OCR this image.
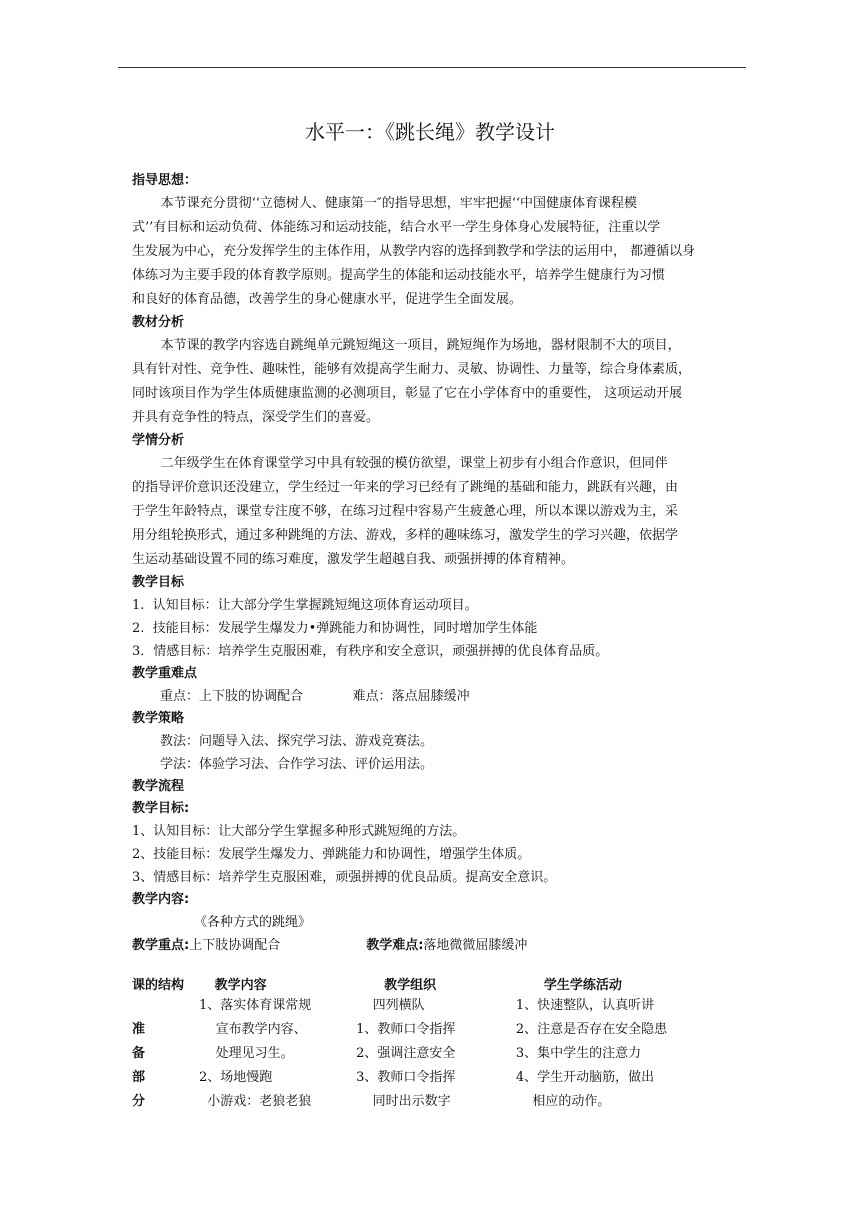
水平一：《跳长绳》教学设计
指导思想：
本节课充分贯彻‘‘立德树人、健康第一″的指导思想，牢牢把握‘‘中国健康体育课程模
式’’有目标和运动负荷、体能练习和运动技能，结合水平一学生身体身心发展特征，注重以学
生发展为中心，充分发挥学生的主体作用，从教学内容的选择到教学和学法的运用中， 都遵循以身
体练习为主要手段的体育教学原则。提高学生的体能和运动技能水平，培养学生健康行为习惯
和良好的体育品德，改善学生的身心健康水平，促进学生全面发展。
教材分析
本节课的教学内容选自跳绳单元跳短绳这一项目，跳短绳作为场地，器材限制不大的项目，
具有针对性、竞争性、趣味性，能够有效提高学生耐力、灵敏、协调性、力量等，综合身体素质，
同时该项目作为学生体质健康监测的必测项目，彰显了它在小学体育中的重要性， 这项运动开展
并具有竞争性的特点，深受学生们的喜爱。
学情分析
二年级学生在体育课堂学习中具有较强的模仿欲望，课堂上初步有小组合作意识，但同伴
的指导评价意识还没建立，学生经过一年来的学习已经有了跳绳的基础和能力，跳跃有兴趣，由
于学生年龄特点，课堂专注度不够，在练习过程中容易产生疲惫心理，所以本课以游戏为主，采
用分组轮换形式，通过多种跳绳的方法、游戏，多样的趣味练习，激发学生的学习兴趣，依据学
生运动基础设置不同的练习难度，激发学生超越自我、顽强拼搏的体育精神。
教学目标
1.  认知目标：让大部分学生掌握跳短绳这项体育运动项目。
2.  技能目标：发展学生爆发力•弹跳能力和协调性，同时增加学生体能
3．情感目标：培养学生克服困难，有秩序和安全意识，顽强拼搏的优良体育品质。
教学重难点
重点：上下肢的协调配合            难点：落点屈膝缓冲
教学策略
教法：问题导入法、探究学习法、游戏竞赛法。
学法：体验学习法、合作学习法、评价运用法。
教学流程
教学目标:
1、认知目标：让大部分学生掌握多种形式跳短绳的方法。
2、技能目标：发展学生爆发力、弹跳能力和协调性，增强学生体质。
3、情感目标：培养学生克服困难，顽强拼搏的优良品质。提高安全意识。
教学内容:
《各种方式的跳绳》
教学重点:上下肢协调配合	教学难点:落地微微屈膝缓冲
课的结构	教学内容	教学组织	学生学练活动
	1、落实体育课常规	四列横队	1、快速整队，认真听讲
准	宣布教学内容、	1、教师口令指挥	2、注意是否存在安全隐患
备	处理见习生。	2、强调注意安全	3、集中学生的注意力
部	2、场地慢跑	3、教师口令指挥	4、学生开动脑筋，做出
分	小游戏：老狼老狼	同时出示数字	相应的动作。
